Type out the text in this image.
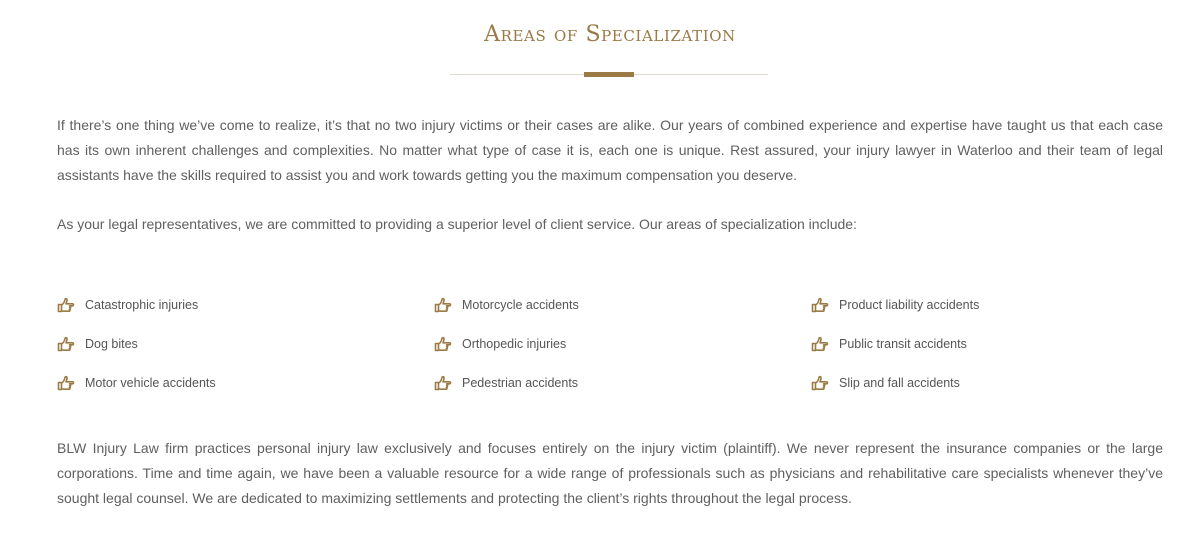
Areas of Specialization

If there’s one thing we’ve come to realize, it’s that no two injury victims or their cases are alike. Our years of combined experience and expertise have taught us that each case has its own inherent challenges and complexities. No matter what type of case it is, each one is unique. Rest assured, your injury lawyer in Waterloo and their team of legal assistants have the skills required to assist you and work towards getting you the maximum compensation you deserve.

As your legal representatives, we are committed to providing a superior level of client service. Our areas of specialization include:

Catastrophic injuries
Dog bites
Motor vehicle accidents
Motorcycle accidents
Orthopedic injuries
Pedestrian accidents
Product liability accidents
Public transit accidents
Slip and fall accidents

BLW Injury Law firm practices personal injury law exclusively and focuses entirely on the injury victim (plaintiff). We never represent the insurance companies or the large corporations. Time and time again, we have been a valuable resource for a wide range of professionals such as physicians and rehabilitative care specialists whenever they’ve sought legal counsel. We are dedicated to maximizing settlements and protecting the client’s rights throughout the legal process.
